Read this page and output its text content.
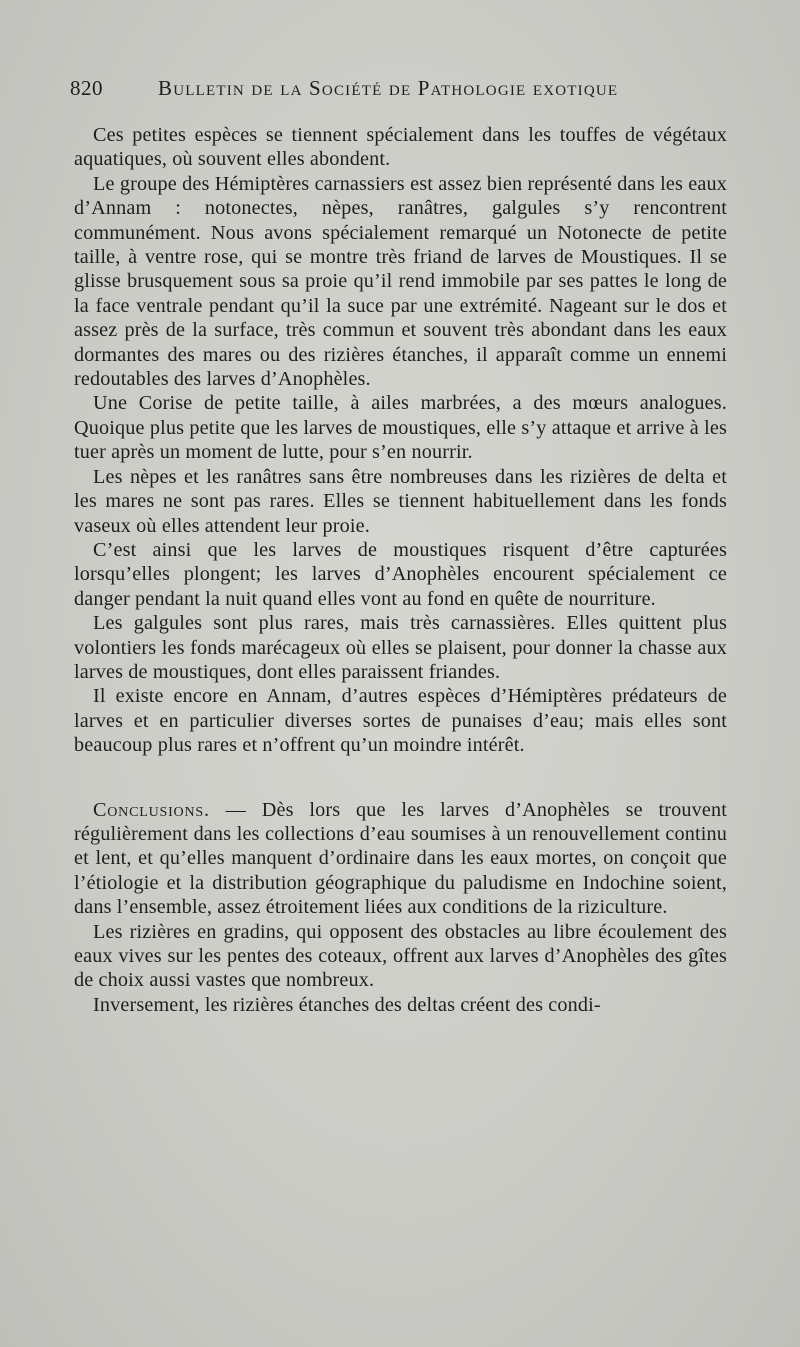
820	Bulletin de la Société de Pathologie exotique

Ces petites espèces se tiennent spécialement dans les touffes de végétaux aquatiques, où souvent elles abondent.

Le groupe des Hémiptères carnassiers est assez bien représenté dans les eaux d’Annam : notonectes, nèpes, ranâtres, galgules s’y rencontrent communément. Nous avons spécialement remarqué un Notonecte de petite taille, à ventre rose, qui se montre très friand de larves de Moustiques. Il se glisse brusquement sous sa proie qu’il rend immobile par ses pattes le long de la face ventrale pendant qu’il la suce par une extrémité. Nageant sur le dos et assez près de la surface, très commun et souvent très abondant dans les eaux dormantes des mares ou des rizières étanches, il apparaît comme un ennemi redoutables des larves d’Anophèles.

Une Corise de petite taille, à ailes marbrées, a des mœurs analogues. Quoique plus petite que les larves de moustiques, elle s’y attaque et arrive à les tuer après un moment de lutte, pour s’en nourrir.

Les nèpes et les ranâtres sans être nombreuses dans les rizières de delta et les mares ne sont pas rares. Elles se tiennent habituellement dans les fonds vaseux où elles attendent leur proie.

C’est ainsi que les larves de moustiques risquent d’être capturées lorsqu’elles plongent; les larves d’Anophèles encourent spécialement ce danger pendant la nuit quand elles vont au fond en quête de nourriture.

Les galgules sont plus rares, mais très carnassières. Elles quittent plus volontiers les fonds marécageux où elles se plaisent, pour donner la chasse aux larves de moustiques, dont elles paraissent friandes.

Il existe encore en Annam, d’autres espèces d’Hémiptères prédateurs de larves et en particulier diverses sortes de punaises d’eau; mais elles sont beaucoup plus rares et n’offrent qu’un moindre intérêt.

Conclusions. — Dès lors que les larves d’Anophèles se trouvent régulièrement dans les collections d’eau soumises à un renouvellement continu et lent, et qu’elles manquent d’ordinaire dans les eaux mortes, on conçoit que l’étiologie et la distribution géographique du paludisme en Indochine soient, dans l’ensemble, assez étroitement liées aux conditions de la riziculture.

Les rizières en gradins, qui opposent des obstacles au libre écoulement des eaux vives sur les pentes des coteaux, offrent aux larves d’Anophèles des gîtes de choix aussi vastes que nombreux.

Inversement, les rizières étanches des deltas créent des condi-
